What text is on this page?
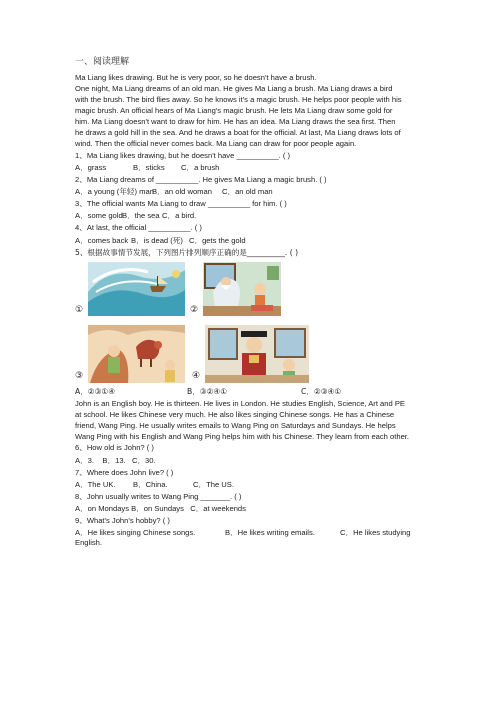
一、阅读理解

Ma Liang likes drawing. But he is very poor, so he doesn't have a brush.

One night, Ma Liang dreams of an old man. He gives Ma Liang a brush. Ma Liang draws a bird

with the brush. The bird flies away. So he knows it's a magic brush. He helps poor people with his

magic brush. An official hears of Ma Liang's magic brush. He lets Ma Liang draw some gold for

him. Ma Liang doesn't want to draw for him. He has an idea. Ma Liang draws the sea first. Then

he draws a gold hill in the sea. And he draws a boat for the official. At last, Ma Liang draws lots of

wind. Then the official never comes back. Ma Liang can draw for poor people again.

1、Ma Liang likes drawing, but he doesn't have __________. ( )
A．grass	B．sticks C．a brush
2、Ma Liang dreams of __________. He gives Ma Liang a magic brush. ( )
A．a young (年轻) manB．an old woman C．an old man
3、The official wants Ma Liang to draw __________ for him. ( )
A．some goldB．the sea C．a bird.
4、At last, the official __________. ( )
A．comes back B．is dead (死) C．gets the gold
5、根据故事情节发展，下列图片排列顺序正确的是__________. ( )
①	②
③	④
A．②③①④	B．③②④①	C．②③④①

John is an English boy. He is thirteen. He lives in London. He studies English, Science, Art and PE

at school. He likes Chinese very much. He also likes singing Chinese songs. He has a Chinese

friend, Wang Ping. He usually writes emails to Wang Ping on Saturdays and Sundays. He helps

Wang Ping with his English and Wang Ping helps him with his Chinese. They learn from each other.

6、How old is John? ( )
A．3.    B．13.   C．30.
7、Where does John live? ( )
A．The UK. B．China.	C．The US.
8、John usually writes to Wang Ping _______. ( )
A．on Mondays B．on Sundays   C．at weekends
9、What's John's hobby? ( )
A．He likes singing Chinese songs.	B．He likes writing emails.	C．He likes studying
English.
